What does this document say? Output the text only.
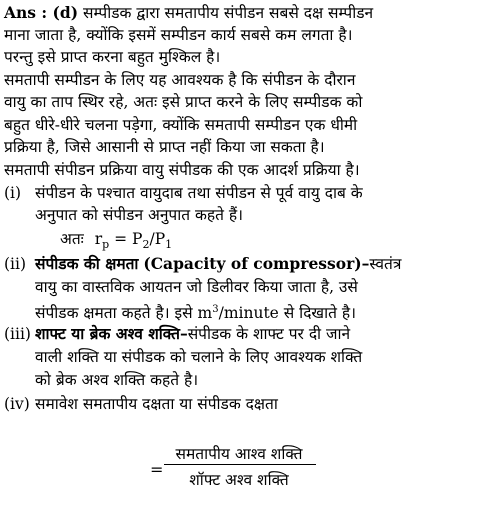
Ans : (d) सम्पीडक द्वारा समतापीय संपीडन सबसे दक्ष सम्पीडन
माना जाता है, क्योंकि इसमें सम्पीडन कार्य सबसे कम लगता है।
परन्तु इसे प्राप्त करना बहुत मुश्किल है।
समतापी सम्पीडन के लिए यह आवश्यक है कि संपीडन के दौरान
वायु का ताप स्थिर रहे, अतः इसे प्राप्त करने के लिए सम्पीडक को
बहुत धीरे-धीरे चलना पड़ेगा, क्योंकि समतापी सम्पीडन एक धीमी
प्रक्रिया है, जिसे आसानी से प्राप्त नहीं किया जा सकता है।
समतापी संपीडन प्रक्रिया वायु संपीडक की एक आदर्श प्रक्रिया है।
(i) संपीडन के पश्चात वायुदाब तथा संपीडन से पूर्व वायु दाब के
अनुपात को संपीडन अनुपात कहते हैं।
अतः $r_p = P_2/P_1$
(ii) संपीडक की क्षमता (Capacity of compressor)–स्वतंत्र
वायु का वास्तविक आयतन जो डिलीवर किया जाता है, उसे
संपीडक क्षमता कहते है। इसे $m^3$/minute से दिखाते है।
(iii) शाफ्ट या ब्रेक अश्व शक्ति–संपीडक के शाफ्ट पर दी जाने
वाली शक्ति या संपीडक को चलाने के लिए आवश्यक शक्ति
को ब्रेक अश्व शक्ति कहते है।
(iv) समावेश समतापीय दक्षता या संपीडक दक्षता
=
समतापीय आश्‍व शक्ति
शॉफ्ट अश्व शक्ति
